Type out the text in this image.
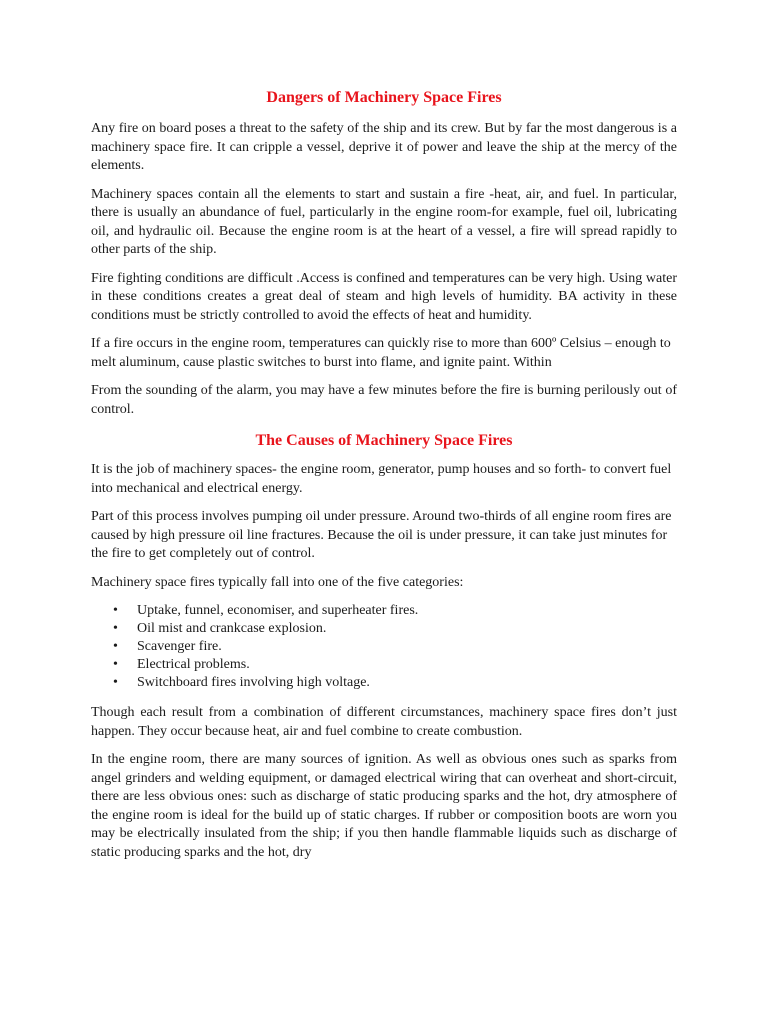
Dangers of Machinery Space Fires

Any fire on board poses a threat to the safety of the ship and its crew. But by far the most dangerous is a machinery space fire. It can cripple a vessel, deprive it of power and leave the ship at the mercy of the elements.

Machinery spaces contain all the elements to start and sustain a fire -heat, air, and fuel. In particular, there is usually an abundance of fuel, particularly in the engine room-for example, fuel oil, lubricating oil, and hydraulic oil. Because the engine room is at the heart of a vessel, a fire will spread rapidly to other parts of the ship.

Fire fighting conditions are difficult .Access is confined and temperatures can be very high. Using water in these conditions creates a great deal of steam and high levels of humidity. BA activity in these conditions must be strictly controlled to avoid the effects of heat and humidity.

If a fire occurs in the engine room, temperatures can quickly rise to more than 600º Celsius – enough to melt aluminum, cause plastic switches to burst into flame, and ignite paint. Within

From the sounding of the alarm, you may have a few minutes before the fire is burning perilously out of control.

The Causes of Machinery Space Fires

It is the job of machinery spaces- the engine room, generator, pump houses and so forth- to convert fuel into mechanical and electrical energy.

Part of this process involves pumping oil under pressure. Around two-thirds of all engine room fires are caused by high pressure oil line fractures. Because the oil is under pressure, it can take just minutes for the fire to get completely out of control.

Machinery space fires typically fall into one of the five categories:

• Uptake, funnel, economiser, and superheater fires.
• Oil mist and crankcase explosion.
• Scavenger fire.
• Electrical problems.
• Switchboard fires involving high voltage.

Though each result from a combination of different circumstances, machinery space fires don’t just happen. They occur because heat, air and fuel combine to create combustion.

In the engine room, there are many sources of ignition. As well as obvious ones such as sparks from angel grinders and welding equipment, or damaged electrical wiring that can overheat and short-circuit, there are less obvious ones: such as discharge of static producing sparks and the hot, dry atmosphere of the engine room is ideal for the build up of static charges. If rubber or composition boots are worn you may be electrically insulated from the ship; if you then handle flammable liquids such as discharge of static producing sparks and the hot, dry
